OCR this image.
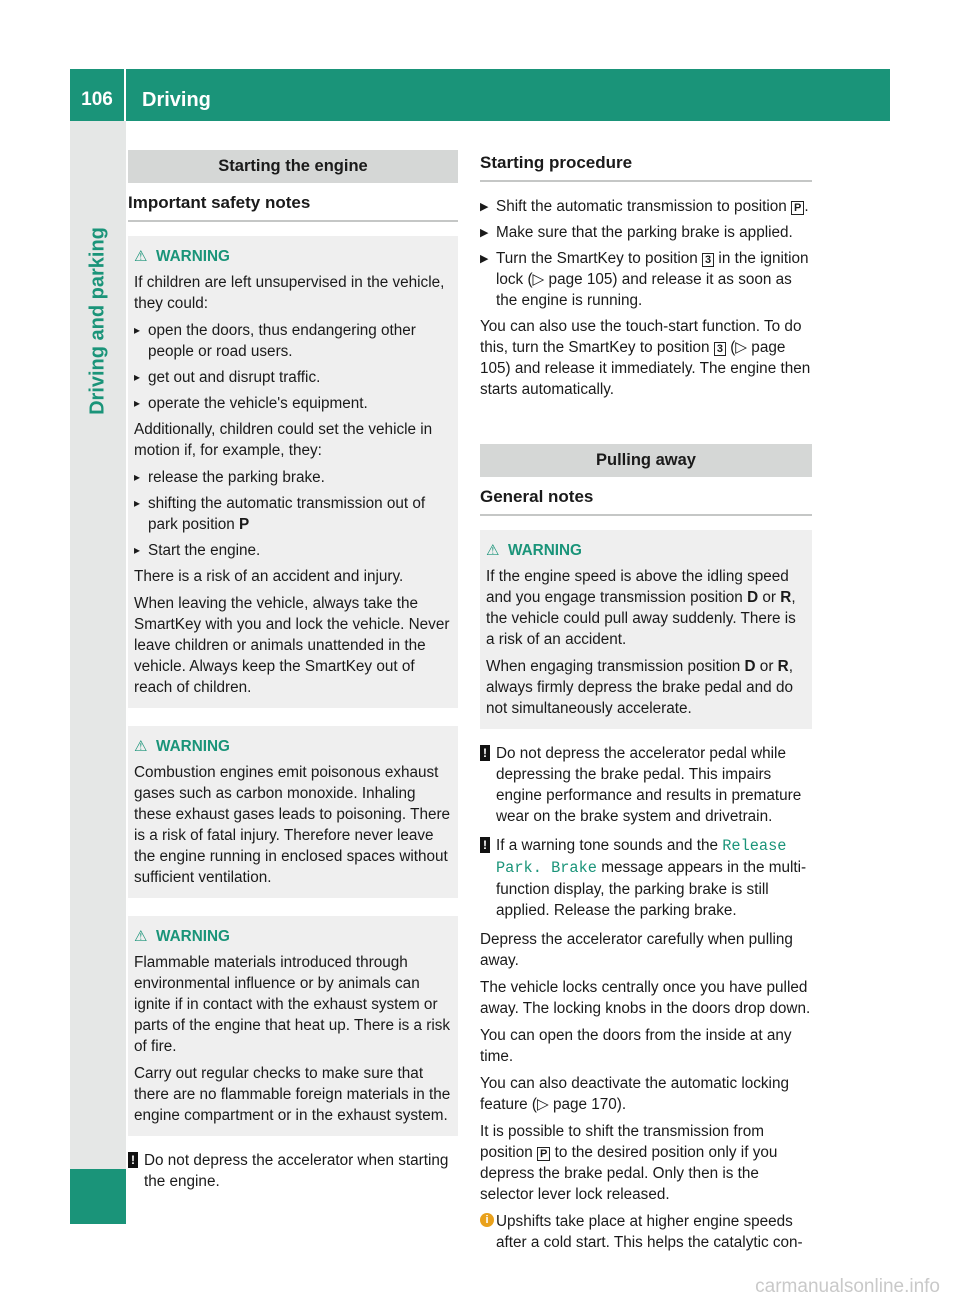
106	Driving
Driving and parking
Starting the engine
Important safety notes
⚠ WARNING

If children are left unsupervised in the vehicle, they could:

▸ open the doors, thus endangering other people or road users.
▸ get out and disrupt traffic.
▸ operate the vehicle's equipment.

Additionally, children could set the vehicle in motion if, for example, they:

▸ release the parking brake.
▸ shifting the automatic transmission out of park position P
▸ Start the engine.

There is a risk of an accident and injury.

When leaving the vehicle, always take the SmartKey with you and lock the vehicle. Never leave children or animals unattended in the vehicle. Always keep the SmartKey out of reach of children.

⚠ WARNING

Combustion engines emit poisonous exhaust gases such as carbon monoxide. Inhaling these exhaust gases leads to poisoning. There is a risk of fatal injury. Therefore never leave the engine running in enclosed spaces without sufficient ventilation.

⚠ WARNING

Flammable materials introduced through environmental influence or by animals can ignite if in contact with the exhaust system or parts of the engine that heat up. There is a risk of fire.

Carry out regular checks to make sure that there are no flammable foreign materials in the engine compartment or in the exhaust system.

! Do not depress the accelerator when starting the engine.
Starting procedure
▶ Shift the automatic transmission to position P .
▶ Make sure that the parking brake is applied.
▶ Turn the SmartKey to position 3 in the ignition lock (▷ page 105) and release it as soon as the engine is running.

You can also use the touch-start function. To do this, turn the SmartKey to position 3 (▷ page 105) and release it immediately. The engine then starts automatically.

Pulling away
General notes
⚠ WARNING

If the engine speed is above the idling speed and you engage transmission position D or R, the vehicle could pull away suddenly. There is a risk of an accident.

When engaging transmission position D or R, always firmly depress the brake pedal and do not simultaneously accelerate.

! Do not depress the accelerator pedal while depressing the brake pedal. This impairs engine performance and results in premature wear on the brake system and drivetrain.
! If a warning tone sounds and the Release Park. Brake message appears in the multi-function display, the parking brake is still applied. Release the parking brake.

Depress the accelerator carefully when pulling away.

The vehicle locks centrally once you have pulled away. The locking knobs in the doors drop down.

You can open the doors from the inside at any time.

You can also deactivate the automatic locking feature (▷ page 170).

It is possible to shift the transmission from position P to the desired position only if you depress the brake pedal. Only then is the selector lever lock released.

i Upshifts take place at higher engine speeds after a cold start. This helps the catalytic con-
carmanualsonline.info
